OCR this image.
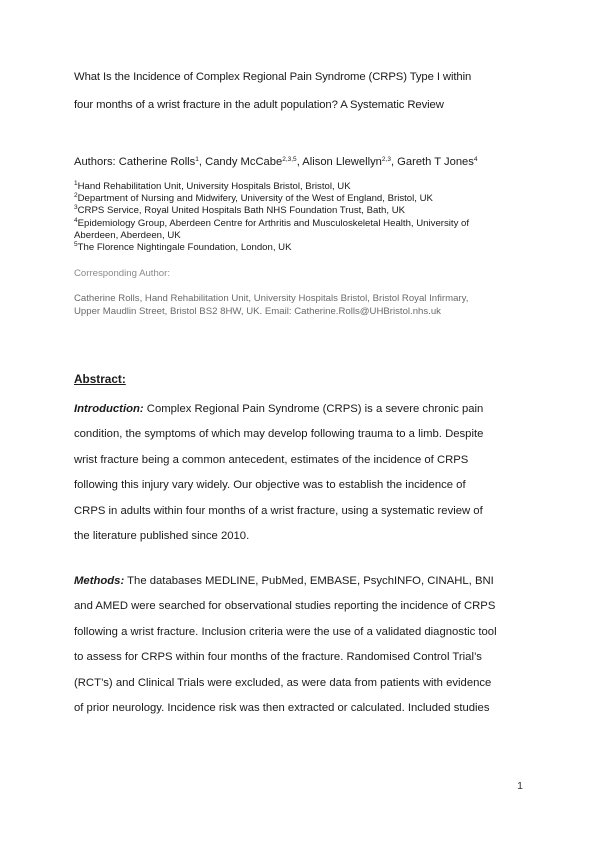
What Is the Incidence of Complex Regional Pain Syndrome (CRPS) Type I within

four months of a wrist fracture in the adult population? A Systematic Review

Authors: Catherine Rolls$^1$, Candy McCabe$^{2,3,5}$, Alison Llewellyn$^{2,3}$, Gareth T Jones$^4$

$^1$Hand Rehabilitation Unit, University Hospitals Bristol, Bristol, UK
$^2$Department of Nursing and Midwifery, University of the West of England, Bristol, UK
$^3$CRPS Service, Royal United Hospitals Bath NHS Foundation Trust, Bath, UK
$^4$Epidemiology Group, Aberdeen Centre for Arthritis and Musculoskeletal Health, University of
Aberdeen, Aberdeen, UK
$^5$The Florence Nightingale Foundation, London, UK

Corresponding Author:

Catherine Rolls, Hand Rehabilitation Unit, University Hospitals Bristol, Bristol Royal Infirmary,
Upper Maudlin Street, Bristol BS2 8HW, UK. Email: Catherine.Rolls@UHBristol.nhs.uk

Abstract:

Introduction: Complex Regional Pain Syndrome (CRPS) is a severe chronic pain
condition, the symptoms of which may develop following trauma to a limb. Despite
wrist fracture being a common antecedent, estimates of the incidence of CRPS
following this injury vary widely. Our objective was to establish the incidence of
CRPS in adults within four months of a wrist fracture, using a systematic review of
the literature published since 2010.
Methods: The databases MEDLINE, PubMed, EMBASE, PsychINFO, CINAHL, BNI
and AMED were searched for observational studies reporting the incidence of CRPS
following a wrist fracture. Inclusion criteria were the use of a validated diagnostic tool
to assess for CRPS within four months of the fracture. Randomised Control Trial’s
(RCT’s) and Clinical Trials were excluded, as were data from patients with evidence
of prior neurology. Incidence risk was then extracted or calculated. Included studies

1
